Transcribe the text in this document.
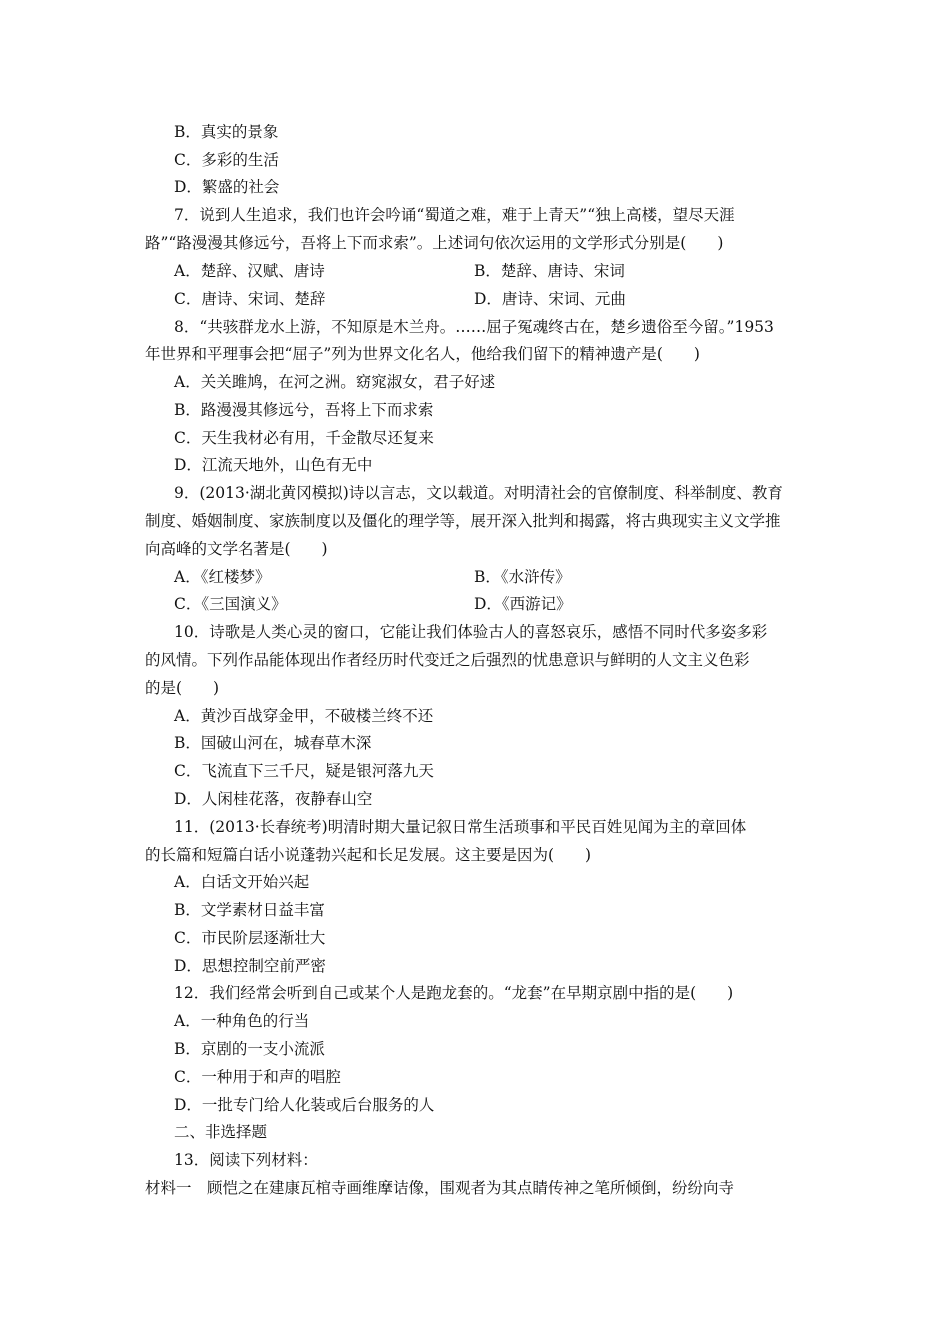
B．真实的景象
C．多彩的生活
D．繁盛的社会
7．说到人生追求，我们也许会吟诵“蜀道之难，难于上青天”“独上高楼，望尽天涯
路”“路漫漫其修远兮，吾将上下而求索”。上述词句依次运用的文学形式分别是(　　)
A．楚辞、汉赋、唐诗	B．楚辞、唐诗、宋词
C．唐诗、宋词、楚辞	D．唐诗、宋词、元曲
8．“共骇群龙水上游，不知原是木兰舟。……屈子冤魂终古在，楚乡遗俗至今留。”1953
年世界和平理事会把“屈子”列为世界文化名人，他给我们留下的精神遗产是(　　)
A．关关雎鸠，在河之洲。窈窕淑女，君子好逑
B．路漫漫其修远兮，吾将上下而求索
C．天生我材必有用，千金散尽还复来
D．江流天地外，山色有无中
9．(2013·湖北黄冈模拟)诗以言志，文以载道。对明清社会的官僚制度、科举制度、教育
制度、婚姻制度、家族制度以及僵化的理学等，展开深入批判和揭露，将古典现实主义文学推
向高峰的文学名著是(　　)
A．《红楼梦》	B．《水浒传》
C．《三国演义》	D．《西游记》
10．诗歌是人类心灵的窗口，它能让我们体验古人的喜怒哀乐，感悟不同时代多姿多彩
的风情。下列作品能体现出作者经历时代变迁之后强烈的忧患意识与鲜明的人文主义色彩
的是(　　)
A．黄沙百战穿金甲，不破楼兰终不还
B．国破山河在，城春草木深
C．飞流直下三千尺，疑是银河落九天
D．人闲桂花落，夜静春山空
11．(2013·长春统考)明清时期大量记叙日常生活琐事和平民百姓见闻为主的章回体
的长篇和短篇白话小说蓬勃兴起和长足发展。这主要是因为(　　)
A．白话文开始兴起
B．文学素材日益丰富
C．市民阶层逐渐壮大
D．思想控制空前严密
12．我们经常会听到自己或某个人是跑龙套的。“龙套”在早期京剧中指的是(　　)
A．一种角色的行当
B．京剧的一支小流派
C．一种用于和声的唱腔
D．一批专门给人化装或后台服务的人
二、非选择题
13．阅读下列材料：
材料一　顾恺之在建康瓦棺寺画维摩诘像，围观者为其点睛传神之笔所倾倒，纷纷向寺
